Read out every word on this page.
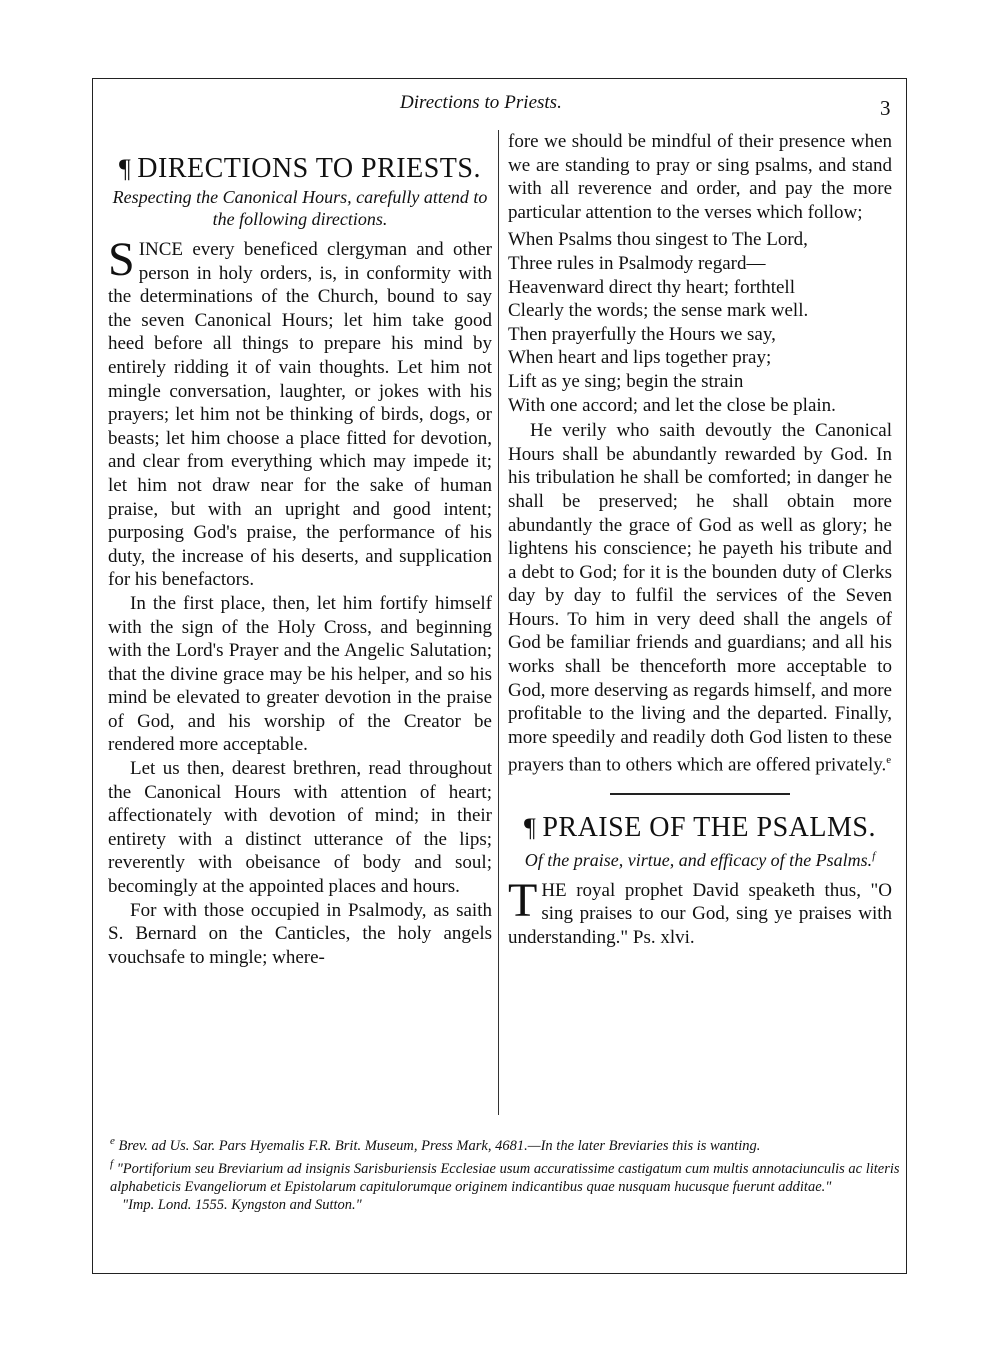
Directions to Priests.	3
¶ DIRECTIONS TO PRIESTS.

Respecting the Canonical Hours, carefully attend to the following directions.

SINCE every beneficed clergyman and other person in holy orders, is, in conformity with the determinations of the Church, bound to say the seven Canonical Hours; let him take good heed before all things to prepare his mind by entirely ridding it of vain thoughts. Let him not mingle conversation, laughter, or jokes with his prayers; let him not be thinking of birds, dogs, or beasts; let him choose a place fitted for devotion, and clear from everything which may impede it; let him not draw near for the sake of human praise, but with an upright and good intent; purposing God's praise, the performance of his duty, the increase of his deserts, and supplication for his benefactors.

In the first place, then, let him fortify himself with the sign of the Holy Cross, and beginning with the Lord's Prayer and the Angelic Salutation; that the divine grace may be his helper, and so his mind be elevated to greater devotion in the praise of God, and his worship of the Creator be rendered more acceptable.

Let us then, dearest brethren, read throughout the Canonical Hours with attention of heart; affectionately with devotion of mind; in their entirety with a distinct utterance of the lips; reverently with obeisance of body and soul; becomingly at the appointed places and hours.

For with those occupied in Psalmody, as saith S. Bernard on the Canticles, the holy angels vouchsafe to mingle; where-

fore we should be mindful of their presence when we are standing to pray or sing psalms, and stand with all reverence and order, and pay the more particular attention to the verses which follow;

When Psalms thou singest to The Lord,

Three rules in Psalmody regard—

Heavenward direct thy heart; forthtell

Clearly the words; the sense mark well.

Then prayerfully the Hours we say,

When heart and lips together pray;

Lift as ye sing; begin the strain

With one accord; and let the close be plain.

He verily who saith devoutly the Canonical Hours shall be abundantly rewarded by God. In his tribulation he shall be comforted; in danger he shall be preserved; he shall obtain more abundantly the grace of God as well as glory; he lightens his conscience; he payeth his tribute and a debt to God; for it is the bounden duty of Clerks day by day to fulfil the services of the Seven Hours. To him in very deed shall the angels of God be familiar friends and guardians; and all his works shall be thenceforth more acceptable to God, more deserving as regards himself, and more profitable to the living and the departed. Finally, more speedily and readily doth God listen to these prayers than to others which are offered privately.$^e$

¶ PRAISE OF THE PSALMS.

Of the praise, virtue, and efficacy of the Psalms.$^f$

THE royal prophet David speaketh thus, "O sing praises to our God, sing ye praises with understanding." Ps. xlvi.

$^e$ Brev. ad Us. Sar. Pars Hyemalis F.R. Brit. Museum, Press Mark, 4681.—In the later Breviaries this is wanting.

$^f$ "Portiforium seu Breviarium ad insignis Sarisburiensis Ecclesiae usum accuratissime castigatum cum multis annotaciunculis ac literis alphabeticis Evangeliorum et Epistolarum capitulorumque originem indicantibus quae nusquam hucusque fuerunt additae."

"Imp. Lond. 1555. Kyngston and Sutton."
